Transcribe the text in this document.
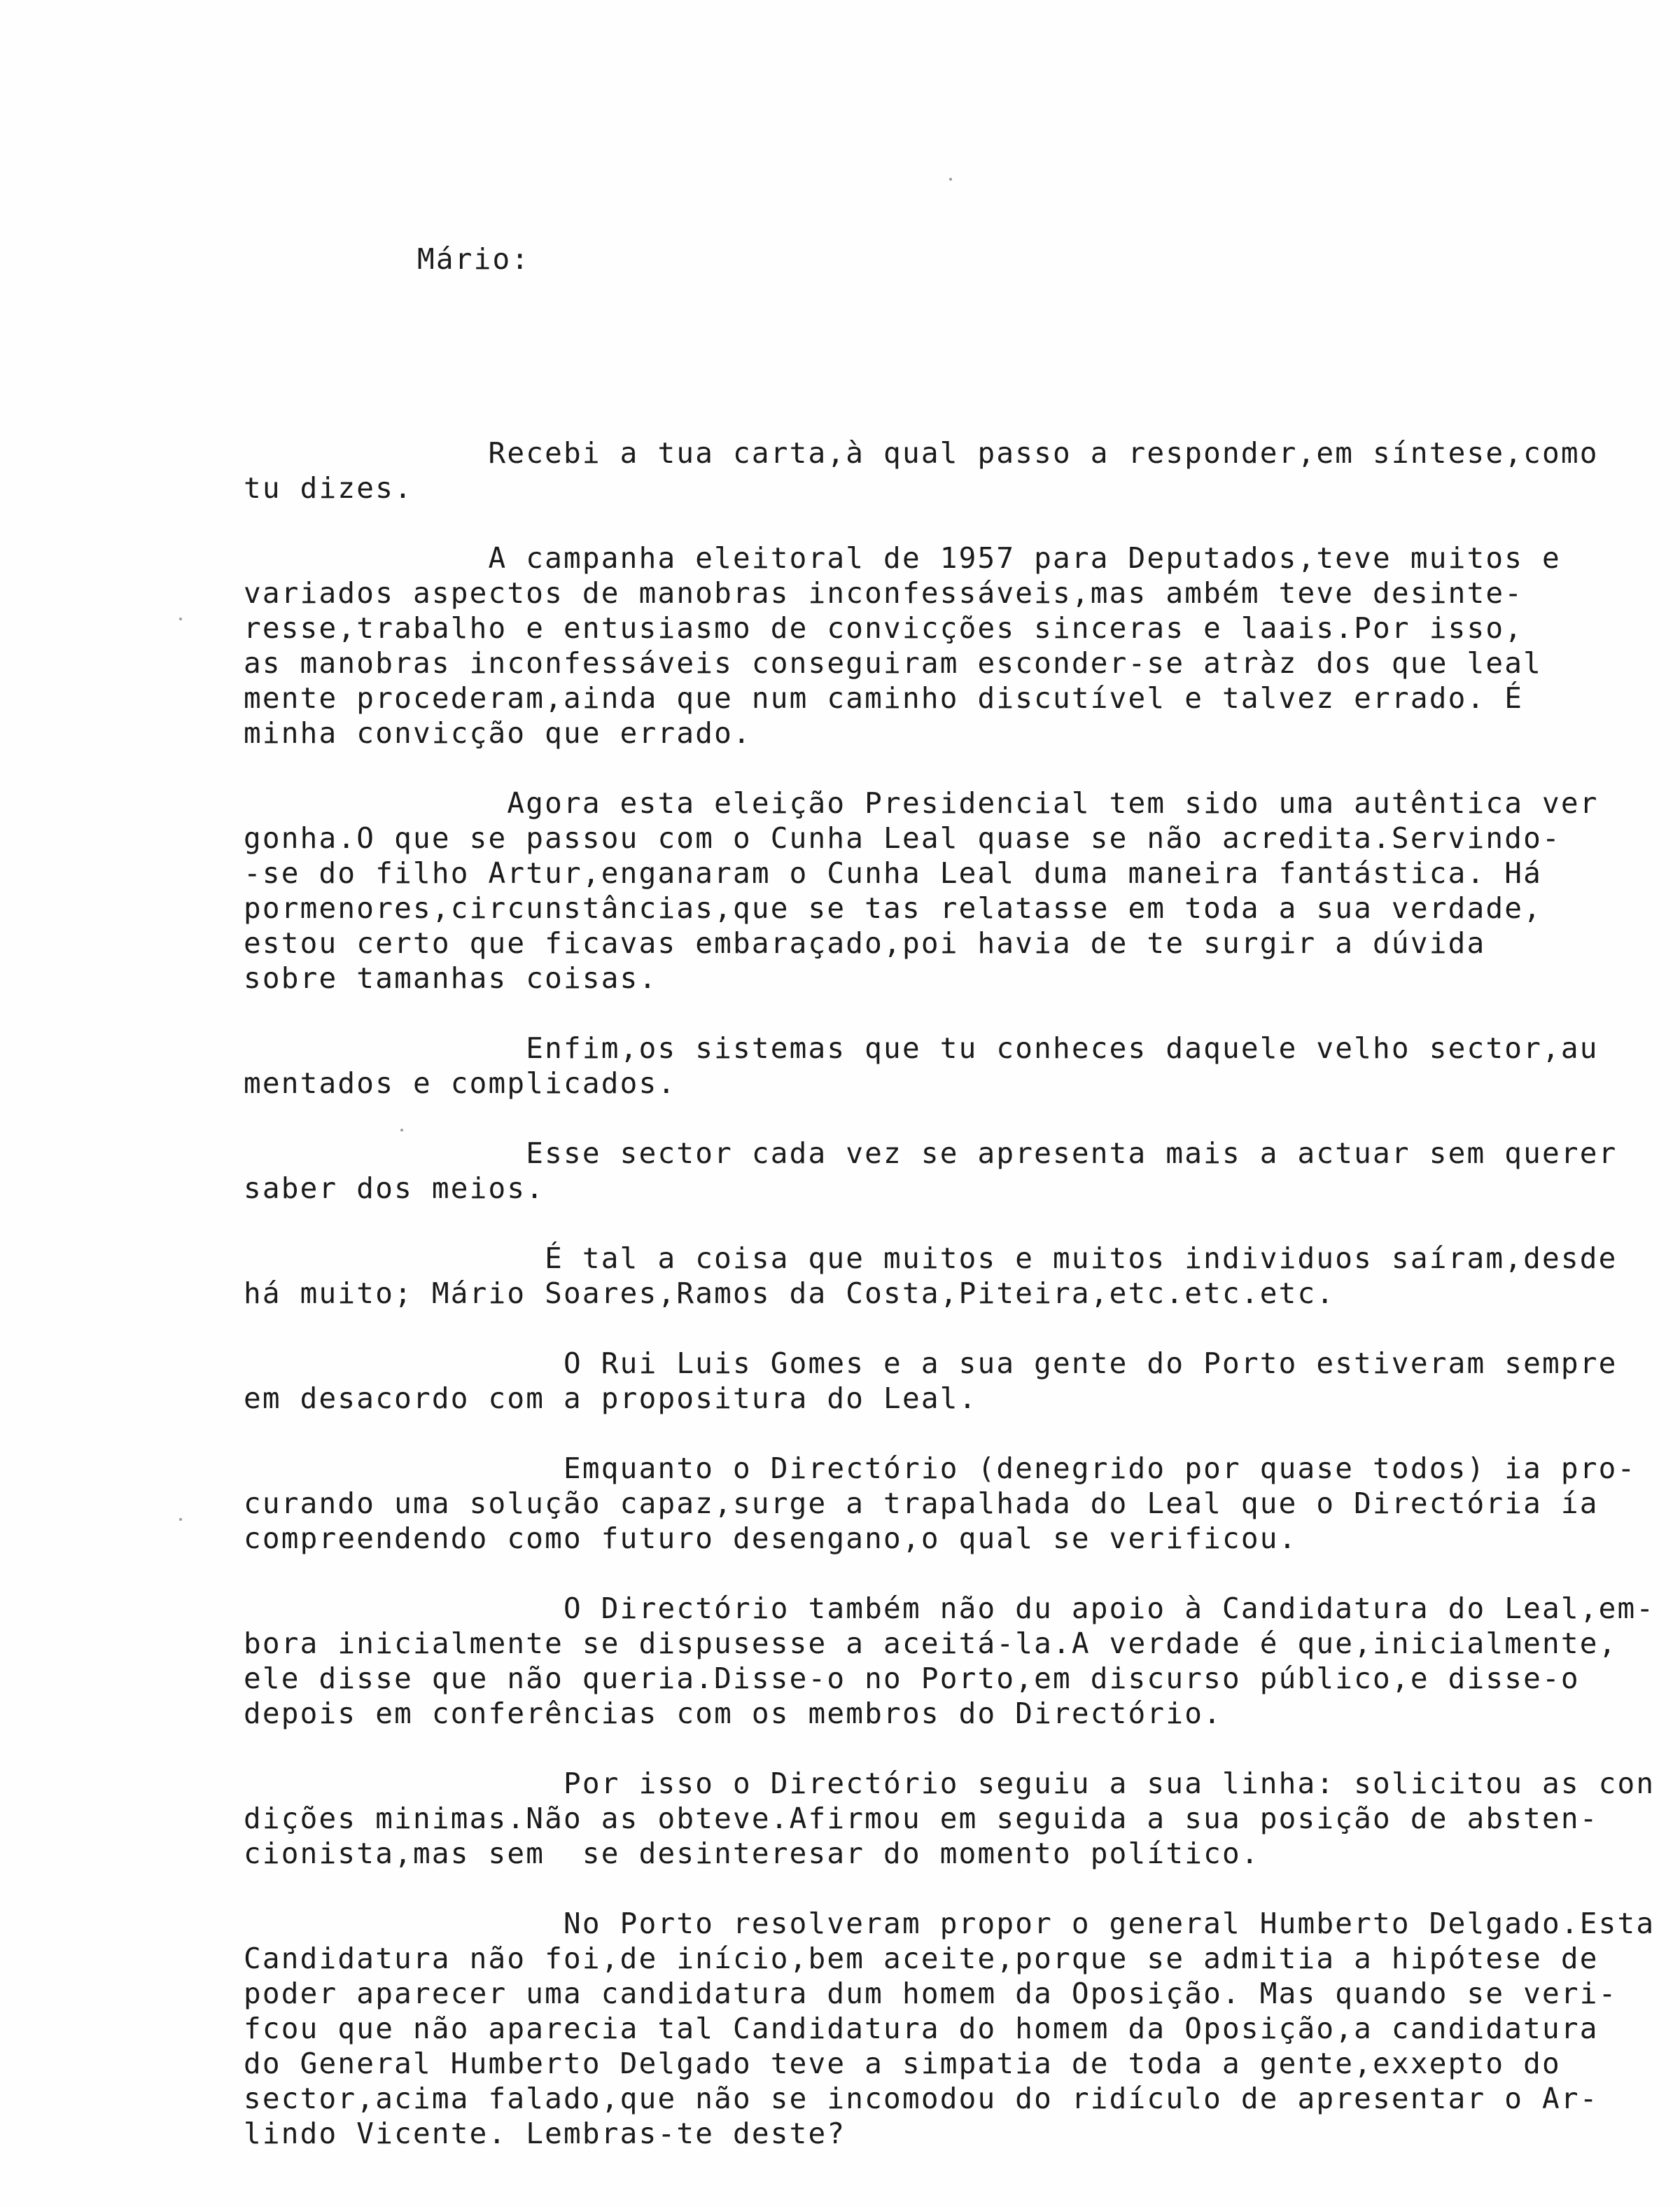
Mário:
Recebi a tua carta,à qual passo a responder,em síntese,como
tu dizes.
A campanha eleitoral de 1957 para Deputados,teve muitos e
variados aspectos de manobras inconfessáveis,mas ambém teve desinte-
resse,trabalho e entusiasmo de convicções sinceras e laais.Por isso,
as manobras inconfessáveis conseguiram esconder-se atràz dos que leal
mente procederam,ainda que num caminho discutível e talvez errado. É
minha convicção que errado.
Agora esta eleição Presidencial tem sido uma autêntica ver
gonha.O que se passou com o Cunha Leal quase se não acredita.Servindo-
-se do filho Artur,enganaram o Cunha Leal duma maneira fantástica. Há
pormenores,circunstâncias,que se tas relatasse em toda a sua verdade,
estou certo que ficavas embaraçado,poi havia de te surgir a dúvida
sobre tamanhas coisas.
Enfim,os sistemas que tu conheces daquele velho sector,au
mentados e complicados.
Esse sector cada vez se apresenta mais a actuar sem querer
saber dos meios.
É tal a coisa que muitos e muitos individuos saíram,desde
há muito; Mário Soares,Ramos da Costa,Piteira,etc.etc.etc.
O Rui Luis Gomes e a sua gente do Porto estiveram sempre
em desacordo com a propositura do Leal.
Emquanto o Directório (denegrido por quase todos) ia pro-
curando uma solução capaz,surge a trapalhada do Leal que o Directória ía
compreendendo como futuro desengano,o qual se verificou.
O Directório também não du apoio à Candidatura do Leal,em-
bora inicialmente se dispusesse a aceitá-la.A verdade é que,inicialmente,
ele disse que não queria.Disse-o no Porto,em discurso público,e disse-o
depois em conferências com os membros do Directório.
Por isso o Directório seguiu a sua linha: solicitou as con
dições minimas.Não as obteve.Afirmou em seguida a sua posição de absten-
cionista,mas sem  se desinteresar do momento político.
No Porto resolveram propor o general Humberto Delgado.Esta
Candidatura não foi,de início,bem aceite,porque se admitia a hipótese de
poder aparecer uma candidatura dum homem da Oposição. Mas quando se veri-
fcou que não aparecia tal Candidatura do homem da Oposição,a candidatura
do General Humberto Delgado teve a simpatia de toda a gente,exxepto do
sector,acima falado,que não se incomodou do ridículo de apresentar o Ar-
lindo Vicente. Lembras-te deste?
